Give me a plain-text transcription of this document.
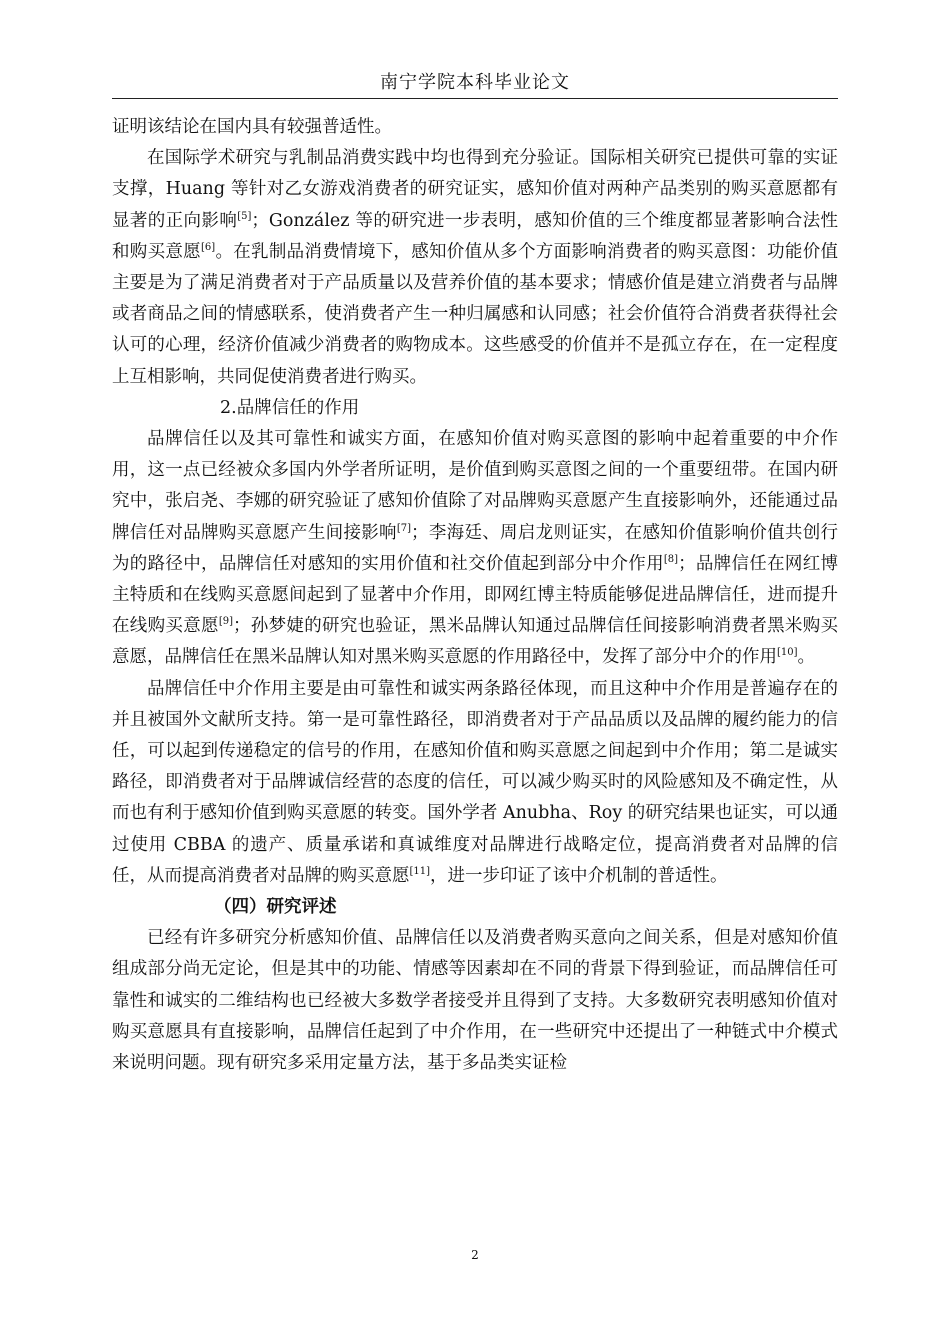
南宁学院本科毕业论文

证明该结论在国内具有较强普适性。

在国际学术研究与乳制品消费实践中均也得到充分验证。国际相关研究已提供可靠的实证支撑，Huang 等针对乙女游戏消费者的研究证实，感知价值对两种产品类别的购买意愿都有显著的正向影响[5]；González 等的研究进一步表明，感知价值的三个维度都显著影响合法性和购买意愿[6]。在乳制品消费情境下，感知价值从多个方面影响消费者的购买意图：功能价值主要是为了满足消费者对于产品质量以及营养价值的基本要求；情感价值是建立消费者与品牌或者商品之间的情感联系，使消费者产生一种归属感和认同感；社会价值符合消费者获得社会认可的心理，经济价值减少消费者的购物成本。这些感受的价值并不是孤立存在，在一定程度上互相影响，共同促使消费者进行购买。

2.品牌信任的作用

品牌信任以及其可靠性和诚实方面，在感知价值对购买意图的影响中起着重要的中介作用，这一点已经被众多国内外学者所证明，是价值到购买意图之间的一个重要纽带。在国内研究中，张启尧、李娜的研究验证了感知价值除了对品牌购买意愿产生直接影响外，还能通过品牌信任对品牌购买意愿产生间接影响[7]；李海廷、周启龙则证实，在感知价值影响价值共创行为的路径中，品牌信任对感知的实用价值和社交价值起到部分中介作用[8]；品牌信任在网红博主特质和在线购买意愿间起到了显著中介作用，即网红博主特质能够促进品牌信任，进而提升在线购买意愿[9]；孙梦婕的研究也验证，黑米品牌认知通过品牌信任间接影响消费者黑米购买意愿，品牌信任在黑米品牌认知对黑米购买意愿的作用路径中，发挥了部分中介的作用[10]。

品牌信任中介作用主要是由可靠性和诚实两条路径体现，而且这种中介作用是普遍存在的并且被国外文献所支持。第一是可靠性路径，即消费者对于产品品质以及品牌的履约能力的信任，可以起到传递稳定的信号的作用，在感知价值和购买意愿之间起到中介作用；第二是诚实路径，即消费者对于品牌诚信经营的态度的信任，可以减少购买时的风险感知及不确定性，从而也有利于感知价值到购买意愿的转变。国外学者 Anubha、Roy 的研究结果也证实，可以通过使用 CBBA 的遗产、质量承诺和真诚维度对品牌进行战略定位，提高消费者对品牌的信任，从而提高消费者对品牌的购买意愿[11]，进一步印证了该中介机制的普适性。

（四）研究评述

已经有许多研究分析感知价值、品牌信任以及消费者购买意向之间关系，但是对感知价值组成部分尚无定论，但是其中的功能、情感等因素却在不同的背景下得到验证，而品牌信任可靠性和诚实的二维结构也已经被大多数学者接受并且得到了支持。大多数研究表明感知价值对购买意愿具有直接影响，品牌信任起到了中介作用，在一些研究中还提出了一种链式中介模式来说明问题。现有研究多采用定量方法，基于多品类实证检

2
